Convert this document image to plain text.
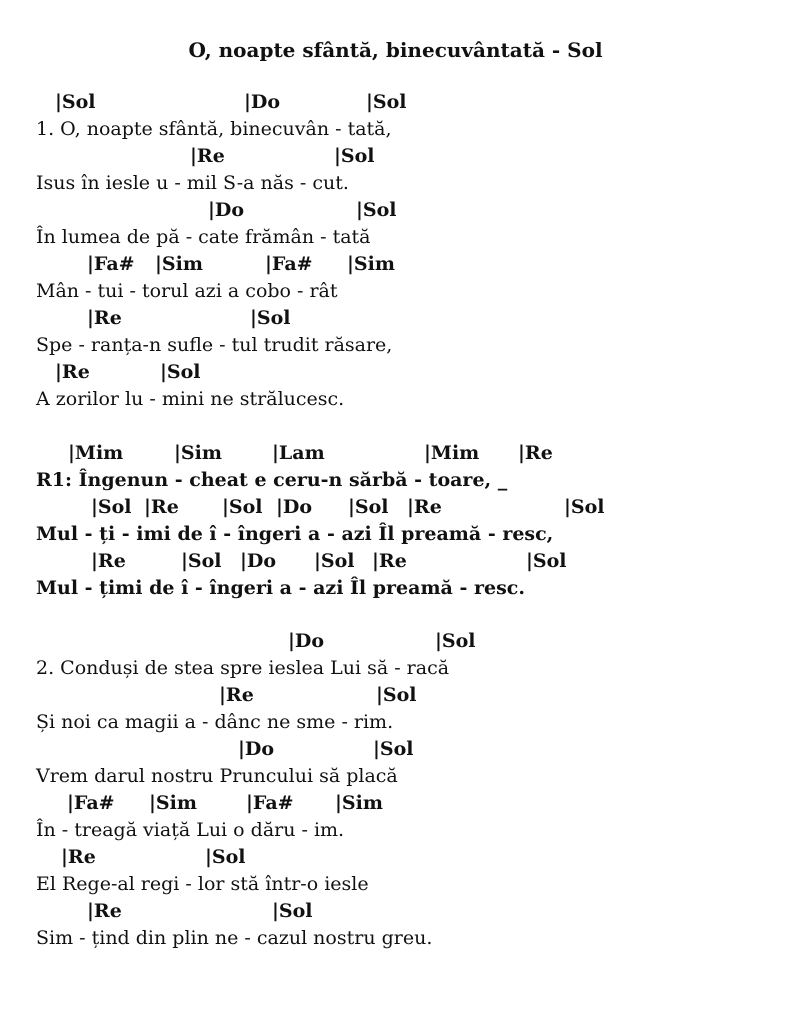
O, noapte sfântă, binecuvântată - Sol
|Sol	|Do	|Sol
1. O, noapte sfântă, binecuvân - tată,
|Re	|Sol
Isus în iesle u - mil S-a năs - cut.
|Do	|Sol
În lumea de pă - cate frămân - tată
|Fa# |Sim	|Fa# |Sim
Mân - tui - torul azi a cobo - rât
|Re	|Sol
Spe - ranța-n sufle - tul trudit răsare,
|Re	|Sol
A zorilor lu - mini ne strălucesc.
|Mim	|Sim	|Lam	|Mim |Re
R1: Îngenun - cheat e ceru-n sărbă - toare, _
|Sol |Re |Sol |Do |Sol |Re	|Sol
Mul - ți - imi de î - îngeri a - azi Îl preamă - resc,
|Re	|Sol |Do |Sol |Re	|Sol
Mul - țimi de î - îngeri a - azi Îl preamă - resc.
|Do	|Sol
2. Conduși de stea spre ieslea Lui să - racă
|Re	|Sol
Și noi ca magii a - dânc ne sme - rim.
|Do	|Sol
Vrem darul nostru Pruncului să placă
|Fa# |Sim	|Fa# |Sim
În - treagă viață Lui o dăru - im.
|Re	|Sol
El Rege-al regi - lor stă într-o iesle
|Re	|Sol
Sim - țind din plin ne - cazul nostru greu.
